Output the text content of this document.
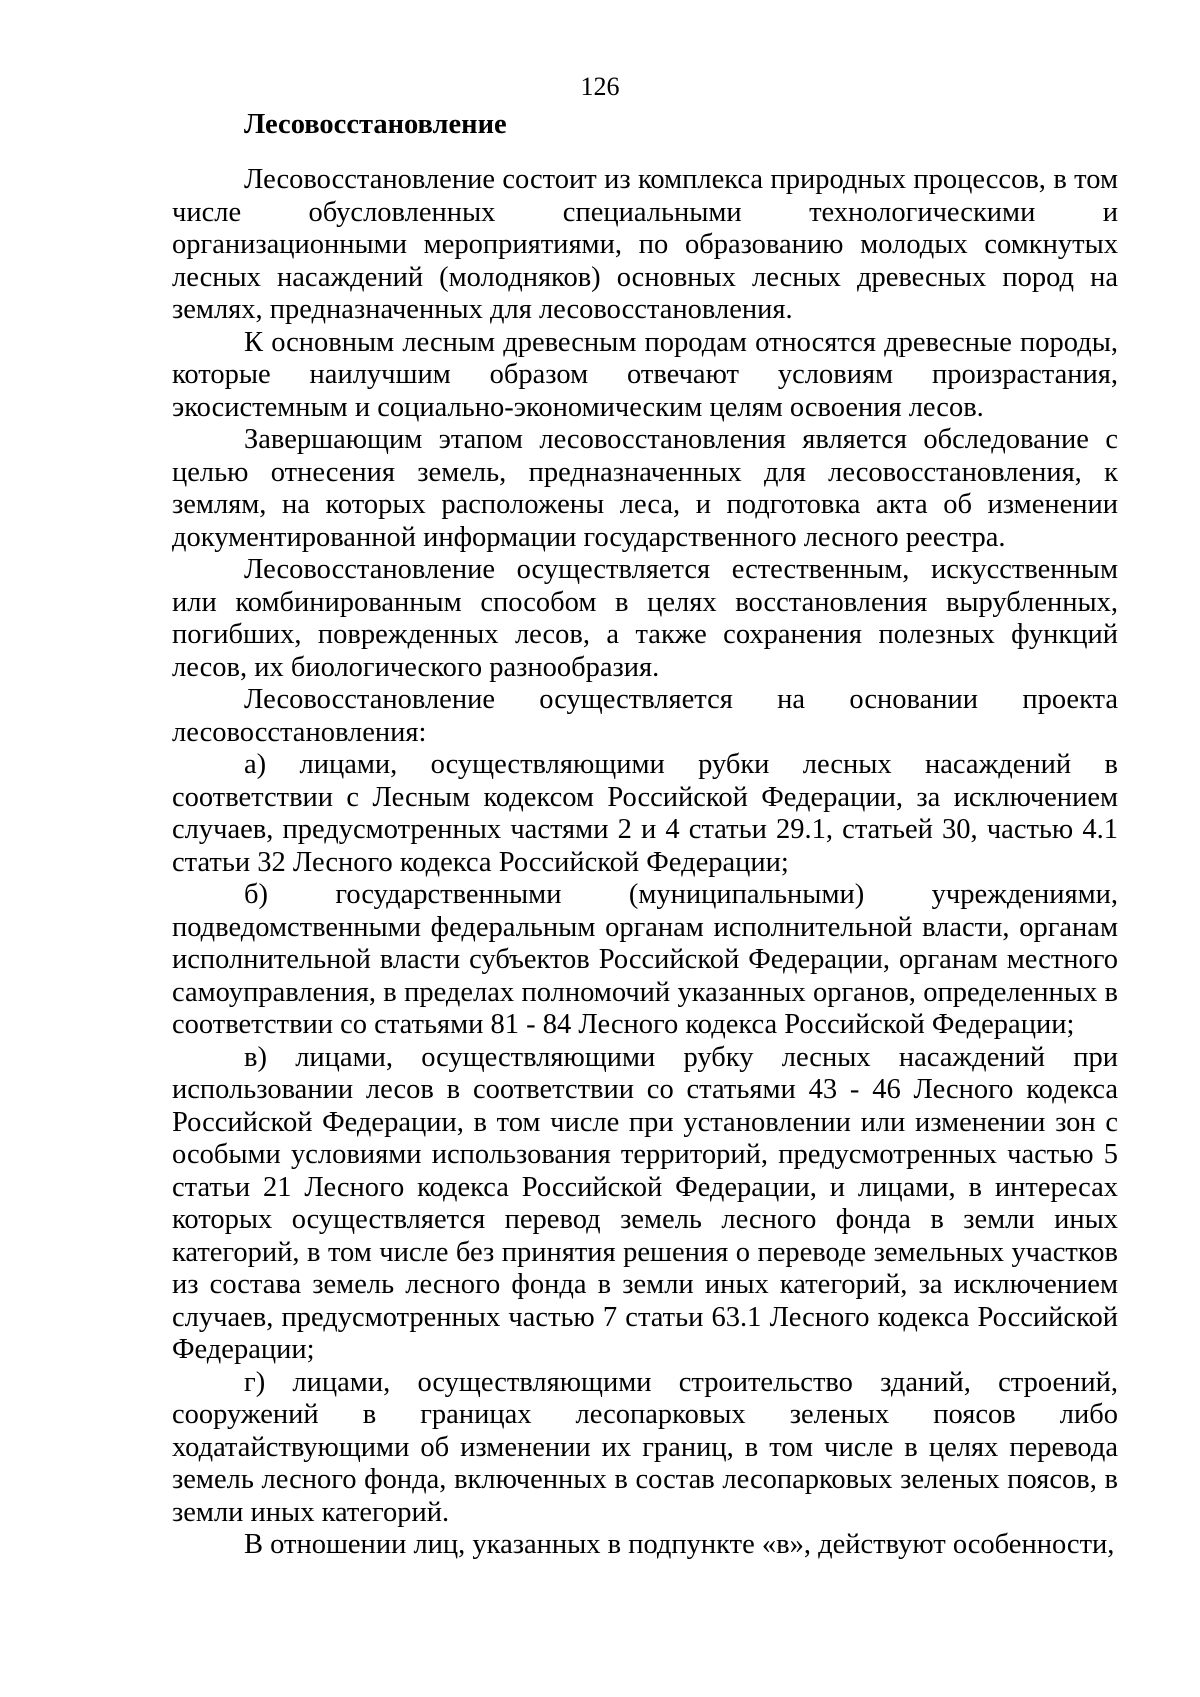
126
Лесовосстановление

Лесовосстановление состоит из комплекса природных процессов, в том числе обусловленных специальными технологическими и организационными мероприятиями, по образованию молодых сомкнутых лесных насаждений (молодняков) основных лесных древесных пород на землях, предназначенных для лесовосстановления.

К основным лесным древесным породам относятся древесные породы, которые наилучшим образом отвечают условиям произрастания, экосистемным и социально-экономическим целям освоения лесов.

Завершающим этапом лесовосстановления является обследование с целью отнесения земель, предназначенных для лесовосстановления, к землям, на которых расположены леса, и подготовка акта об изменении документированной информации государственного лесного реестра.

Лесовосстановление осуществляется естественным, искусственным или комбинированным способом в целях восстановления вырубленных, погибших, поврежденных лесов, а также сохранения полезных функций лесов, их биологического разнообразия.

Лесовосстановление осуществляется на основании проекта лесовосстановления:

а) лицами, осуществляющими рубки лесных насаждений в соответствии с Лесным кодексом Российской Федерации, за исключением случаев, предусмотренных частями 2 и 4 статьи 29.1, статьей 30, частью 4.1 статьи 32 Лесного кодекса Российской Федерации;

б) государственными (муниципальными) учреждениями, подведомственными федеральным органам исполнительной власти, органам исполнительной власти субъектов Российской Федерации, органам местного самоуправления, в пределах полномочий указанных органов, определенных в соответствии со статьями 81 - 84 Лесного кодекса Российской Федерации;

в) лицами, осуществляющими рубку лесных насаждений при использовании лесов в соответствии со статьями 43 - 46 Лесного кодекса Российской Федерации, в том числе при установлении или изменении зон с особыми условиями использования территорий, предусмотренных частью 5 статьи 21 Лесного кодекса Российской Федерации, и лицами, в интересах которых осуществляется перевод земель лесного фонда в земли иных категорий, в том числе без принятия решения о переводе земельных участков из состава земель лесного фонда в земли иных категорий, за исключением случаев, предусмотренных частью 7 статьи 63.1 Лесного кодекса Российской Федерации;

г) лицами, осуществляющими строительство зданий, строений, сооружений в границах лесопарковых зеленых поясов либо ходатайствующими об изменении их границ, в том числе в целях перевода земель лесного фонда, включенных в состав лесопарковых зеленых поясов, в земли иных категорий.

В отношении лиц, указанных в подпункте «в», действуют особенности,
